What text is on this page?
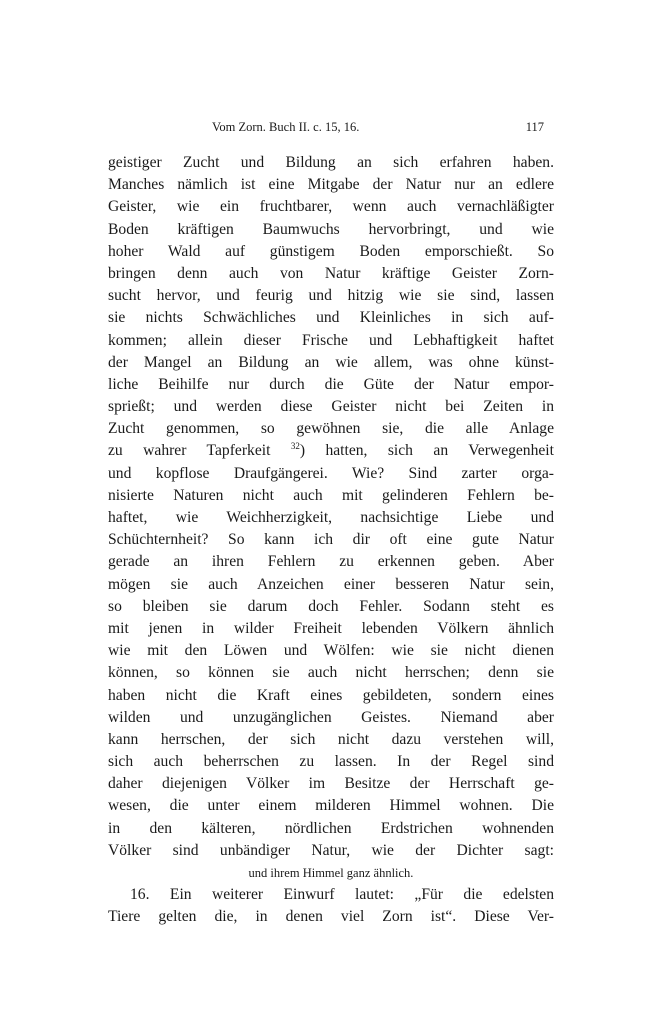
Vom Zorn. Buch II. c. 15, 16.	117
geistiger Zucht und Bildung an sich erfahren haben.
Manches nämlich ist eine Mitgabe der Natur nur an edlere
Geister, wie ein fruchtbarer, wenn auch vernachläßigter
Boden kräftigen Baumwuchs hervorbringt, und wie
hoher Wald auf günstigem Boden emporschießt. So
bringen denn auch von Natur kräftige Geister Zorn-
sucht hervor, und feurig und hitzig wie sie sind, lassen
sie nichts Schwächliches und Kleinliches in sich auf-
kommen; allein dieser Frische und Lebhaftigkeit haftet
der Mangel an Bildung an wie allem, was ohne künst-
liche Beihilfe nur durch die Güte der Natur empor-
sprießt; und werden diese Geister nicht bei Zeiten in
Zucht genommen, so gewöhnen sie, die alle Anlage
zu wahrer Tapferkeit $^{32}$) hatten, sich an Verwegenheit
und kopflose Draufgängerei. Wie? Sind zarter orga-
nisierte Naturen nicht auch mit gelinderen Fehlern be-
haftet, wie Weichherzigkeit, nachsichtige Liebe und
Schüchternheit? So kann ich dir oft eine gute Natur
gerade an ihren Fehlern zu erkennen geben. Aber
mögen sie auch Anzeichen einer besseren Natur sein,
so bleiben sie darum doch Fehler. Sodann steht es
mit jenen in wilder Freiheit lebenden Völkern ähnlich
wie mit den Löwen und Wölfen: wie sie nicht dienen
können, so können sie auch nicht herrschen; denn sie
haben nicht die Kraft eines gebildeten, sondern eines
wilden und unzugänglichen Geistes. Niemand aber
kann herrschen, der sich nicht dazu verstehen will,
sich auch beherrschen zu lassen. In der Regel sind
daher diejenigen Völker im Besitze der Herrschaft ge-
wesen, die unter einem milderen Himmel wohnen. Die
in den kälteren, nördlichen Erdstrichen wohnenden
Völker sind unbändiger Natur, wie der Dichter sagt:
und ihrem Himmel ganz ähnlich.
16. Ein weiterer Einwurf lautet: „Für die edelsten
Tiere gelten die, in denen viel Zorn ist“. Diese Ver-
